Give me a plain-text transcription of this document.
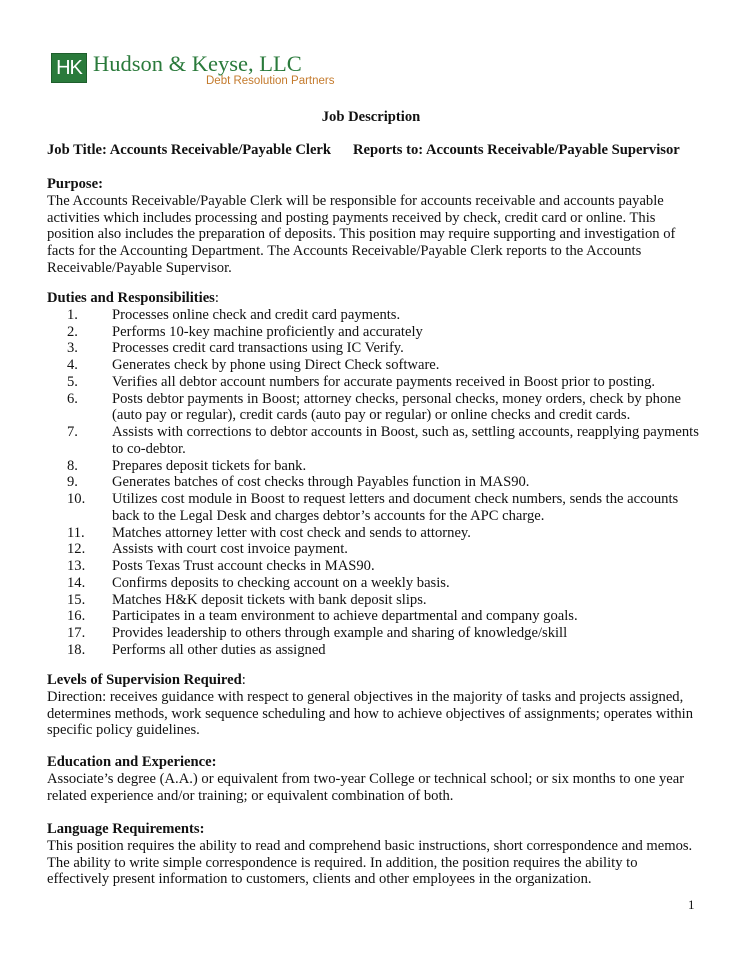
HK Hudson & Keyse, LLC
Debt Resolution Partners
Job Description
Job Title: Accounts Receivable/Payable Clerk Reports to: Accounts Receivable/Payable Supervisor
Purpose:
The Accounts Receivable/Payable Clerk will be responsible for accounts receivable and accounts payable
activities which includes processing and posting payments received by check, credit card or online. This
position also includes the preparation of deposits. This position may require supporting and investigation of
facts for the Accounting Department. The Accounts Receivable/Payable Clerk reports to the Accounts
Receivable/Payable Supervisor.
Duties and Responsibilities:
1.	Processes online check and credit card payments.
2.	Performs 10-key machine proficiently and accurately
3.	Processes credit card transactions using IC Verify.
4.	Generates check by phone using Direct Check software.
5.	Verifies all debtor account numbers for accurate payments received in Boost prior to posting.
6.	Posts debtor payments in Boost; attorney checks, personal checks, money orders, check by phone
(auto pay or regular), credit cards (auto pay or regular) or online checks and credit cards.
7.	Assists with corrections to debtor accounts in Boost, such as, settling accounts, reapplying payments
to co-debtor.
8.	Prepares deposit tickets for bank.
9.	Generates batches of cost checks through Payables function in MAS90.
10.	Utilizes cost module in Boost to request letters and document check numbers, sends the accounts
back to the Legal Desk and charges debtor’s accounts for the APC charge.
11.	Matches attorney letter with cost check and sends to attorney.
12.	Assists with court cost invoice payment.
13.	Posts Texas Trust account checks in MAS90.
14.	Confirms deposits to checking account on a weekly basis.
15.	Matches H&K deposit tickets with bank deposit slips.
16.	Participates in a team environment to achieve departmental and company goals.
17.	Provides leadership to others through example and sharing of knowledge/skill
18.	Performs all other duties as assigned
Levels of Supervision Required:
Direction: receives guidance with respect to general objectives in the majority of tasks and projects assigned,
determines methods, work sequence scheduling and how to achieve objectives of assignments; operates within
specific policy guidelines.
Education and Experience:
Associate’s degree (A.A.) or equivalent from two-year College or technical school; or six months to one year
related experience and/or training; or equivalent combination of both.
Language Requirements:
This position requires the ability to read and comprehend basic instructions, short correspondence and memos.
The ability to write simple correspondence is required. In addition, the position requires the ability to
effectively present information to customers, clients and other employees in the organization.
1
